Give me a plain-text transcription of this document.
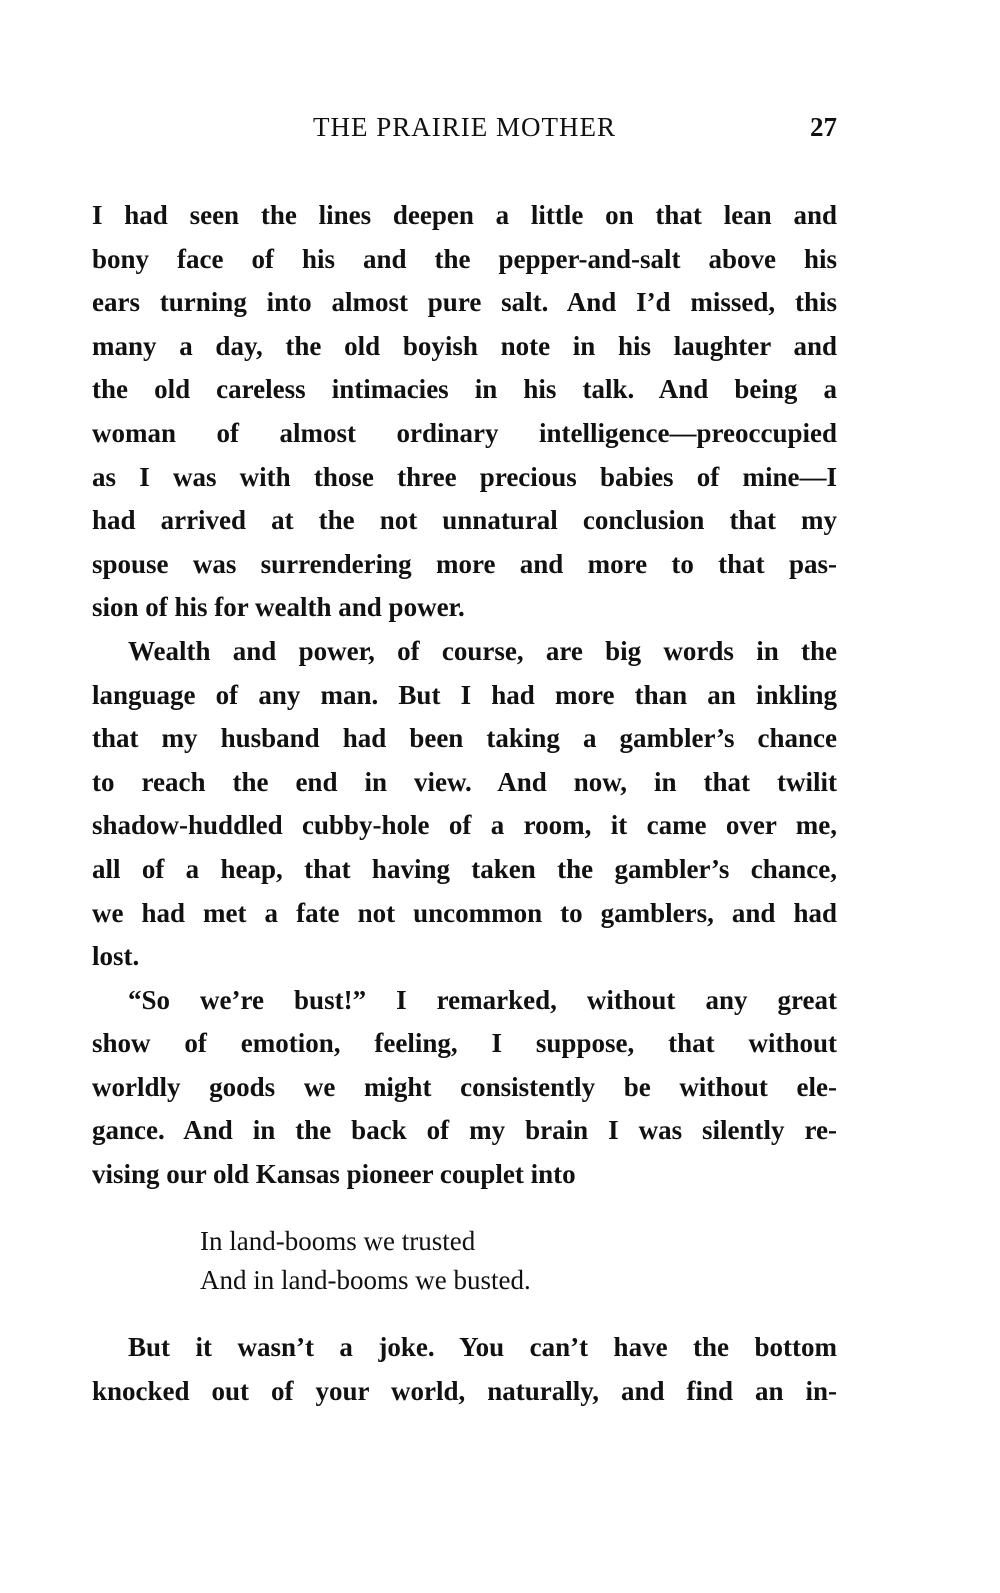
THE PRAIRIE MOTHER	27
I had seen the lines deepen a little on that lean and
bony face of his and the pepper-and-salt above his
ears turning into almost pure salt. And I’d missed, this
many a day, the old boyish note in his laughter and
the old careless intimacies in his talk. And being a
woman of almost ordinary intelligence—preoccupied
as I was with those three precious babies of mine—I
had arrived at the not unnatural conclusion that my
spouse was surrendering more and more to that pas-
sion of his for wealth and power.
Wealth and power, of course, are big words in the
language of any man. But I had more than an inkling
that my husband had been taking a gambler’s chance
to reach the end in view. And now, in that twilit
shadow-huddled cubby-hole of a room, it came over me,
all of a heap, that having taken the gambler’s chance,
we had met a fate not uncommon to gamblers, and had
lost.
“So we’re bust!” I remarked, without any great
show of emotion, feeling, I suppose, that without
worldly goods we might consistently be without ele-
gance. And in the back of my brain I was silently re-
vising our old Kansas pioneer couplet into
In land-booms we trusted
And in land-booms we busted.
But it wasn’t a joke. You can’t have the bottom
knocked out of your world, naturally, and find an in-
